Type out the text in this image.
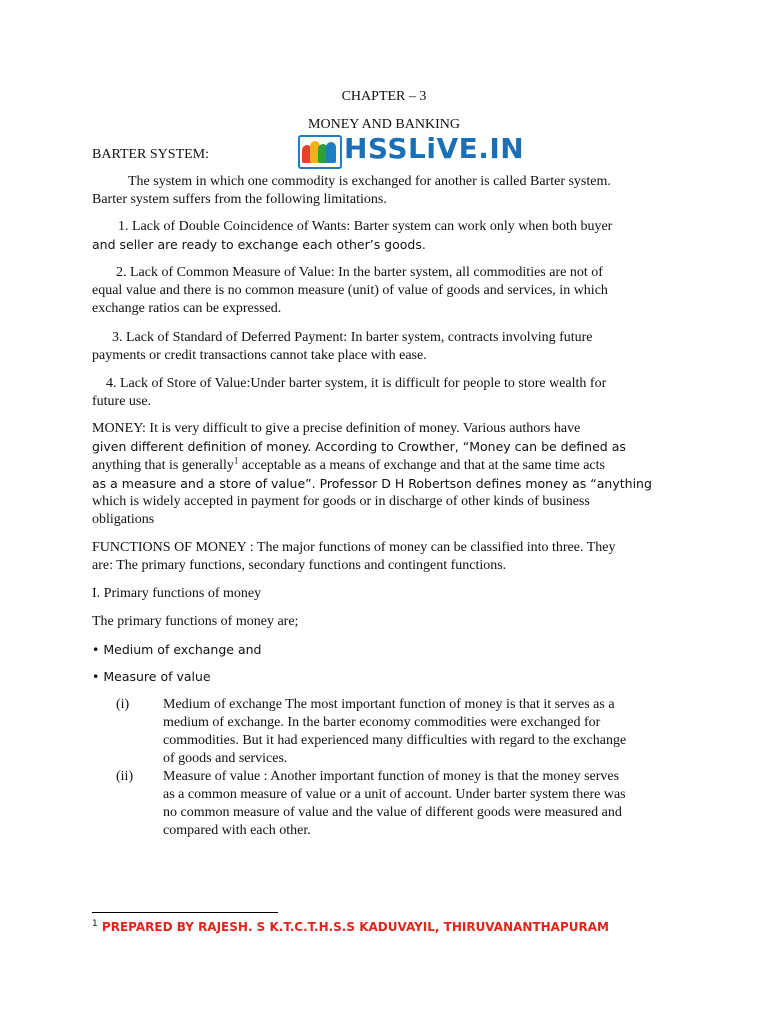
CHAPTER – 3
MONEY AND BANKING
BARTER SYSTEM:	HSSLiVE.IN
The system in which one commodity is exchanged for another is called Barter system.
Barter system suffers from the following limitations.
1. Lack of Double Coincidence of Wants: Barter system can work only when both buyer
and seller are ready to exchange each other’s goods.
2. Lack of Common Measure of Value: In the barter system, all commodities are not of
equal value and there is no common measure (unit) of value of goods and services, in which
exchange ratios can be expressed.
3. Lack of Standard of Deferred Payment: In barter system, contracts involving future
payments or credit transactions cannot take place with ease.
4. Lack of Store of Value:Under barter system, it is difficult for people to store wealth for
future use.
MONEY: It is very difficult to give a precise definition of money. Various authors have
given different definition of money. According to Crowther, “Money can be defined as
anything that is generally$^1$ acceptable as a means of exchange and that at the same time acts
as a measure and a store of value”. Professor D H Robertson defines money as “anything
which is widely accepted in payment for goods or in discharge of other kinds of business
obligations
FUNCTIONS OF MONEY : The major functions of money can be classified into three. They
are: The primary functions, secondary functions and contingent functions.
I. Primary functions of money
The primary functions of money are;
• Medium of exchange and
• Measure of value
(i) Medium of exchange The most important function of money is that it serves as a
medium of exchange. In the barter economy commodities were exchanged for
commodities. But it had experienced many difficulties with regard to the exchange
of goods and services.
(ii) Measure of value : Another important function of money is that the money serves
as a common measure of value or a unit of account. Under barter system there was
no common measure of value and the value of different goods were measured and
compared with each other.
$^1$ PREPARED BY RAJESH. S K.T.C.T.H.S.S KADUVAYIL, THIRUVANANTHAPURAM
